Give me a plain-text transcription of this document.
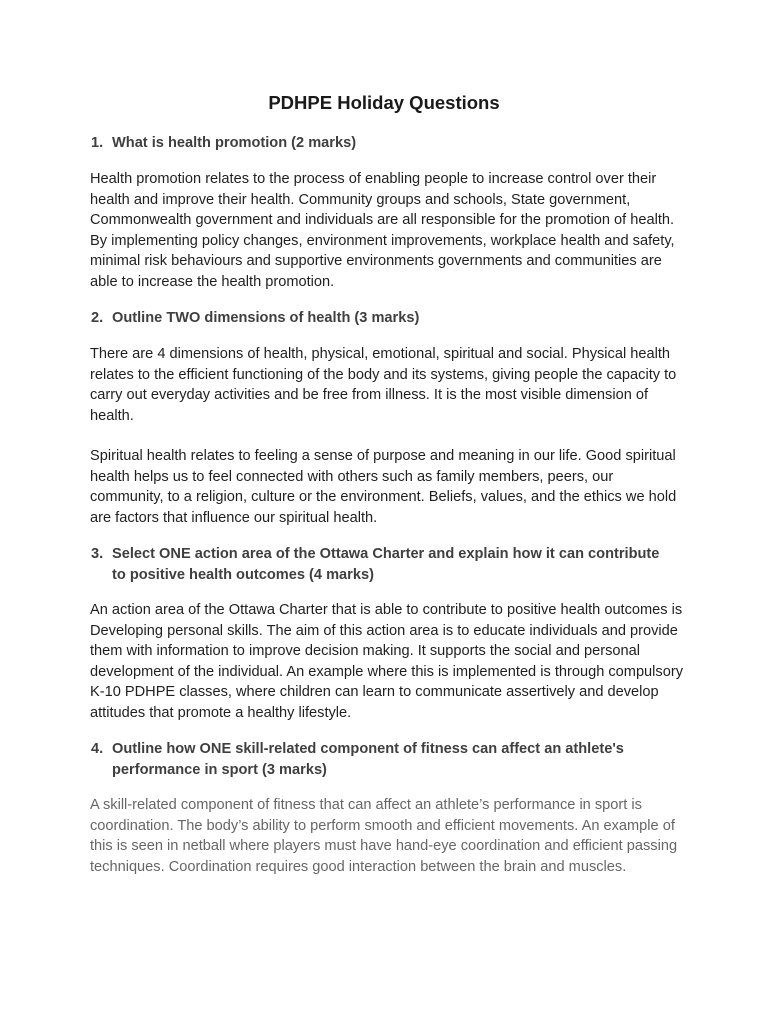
PDHPE Holiday Questions
1. What is health promotion (2 marks)

Health promotion relates to the process of enabling people to increase control over their health and improve their health. Community groups and schools, State government, Commonwealth government and individuals are all responsible for the promotion of health. By implementing policy changes, environment improvements, workplace health and safety, minimal risk behaviours and supportive environments governments and communities are able to increase the health promotion.

2. Outline TWO dimensions of health (3 marks)

There are 4 dimensions of health, physical, emotional, spiritual and social. Physical health relates to the efficient functioning of the body and its systems, giving people the capacity to carry out everyday activities and be free from illness. It is the most visible dimension of health.

Spiritual health relates to feeling a sense of purpose and meaning in our life. Good spiritual health helps us to feel connected with others such as family members, peers, our community, to a religion, culture or the environment. Beliefs, values, and the ethics we hold are factors that influence our spiritual health.

3. Select ONE action area of the Ottawa Charter and explain how it can contribute to positive health outcomes (4 marks)

An action area of the Ottawa Charter that is able to contribute to positive health outcomes is Developing personal skills. The aim of this action area is to educate individuals and provide them with information to improve decision making. It supports the social and personal development of the individual. An example where this is implemented is through compulsory K-10 PDHPE classes, where children can learn to communicate assertively and develop attitudes that promote a healthy lifestyle.

4. Outline how ONE skill-related component of fitness can affect an athlete's performance in sport (3 marks)

A skill-related component of fitness that can affect an athlete’s performance in sport is coordination. The body’s ability to perform smooth and efficient movements. An example of this is seen in netball where players must have hand-eye coordination and efficient passing techniques. Coordination requires good interaction between the brain and muscles.
